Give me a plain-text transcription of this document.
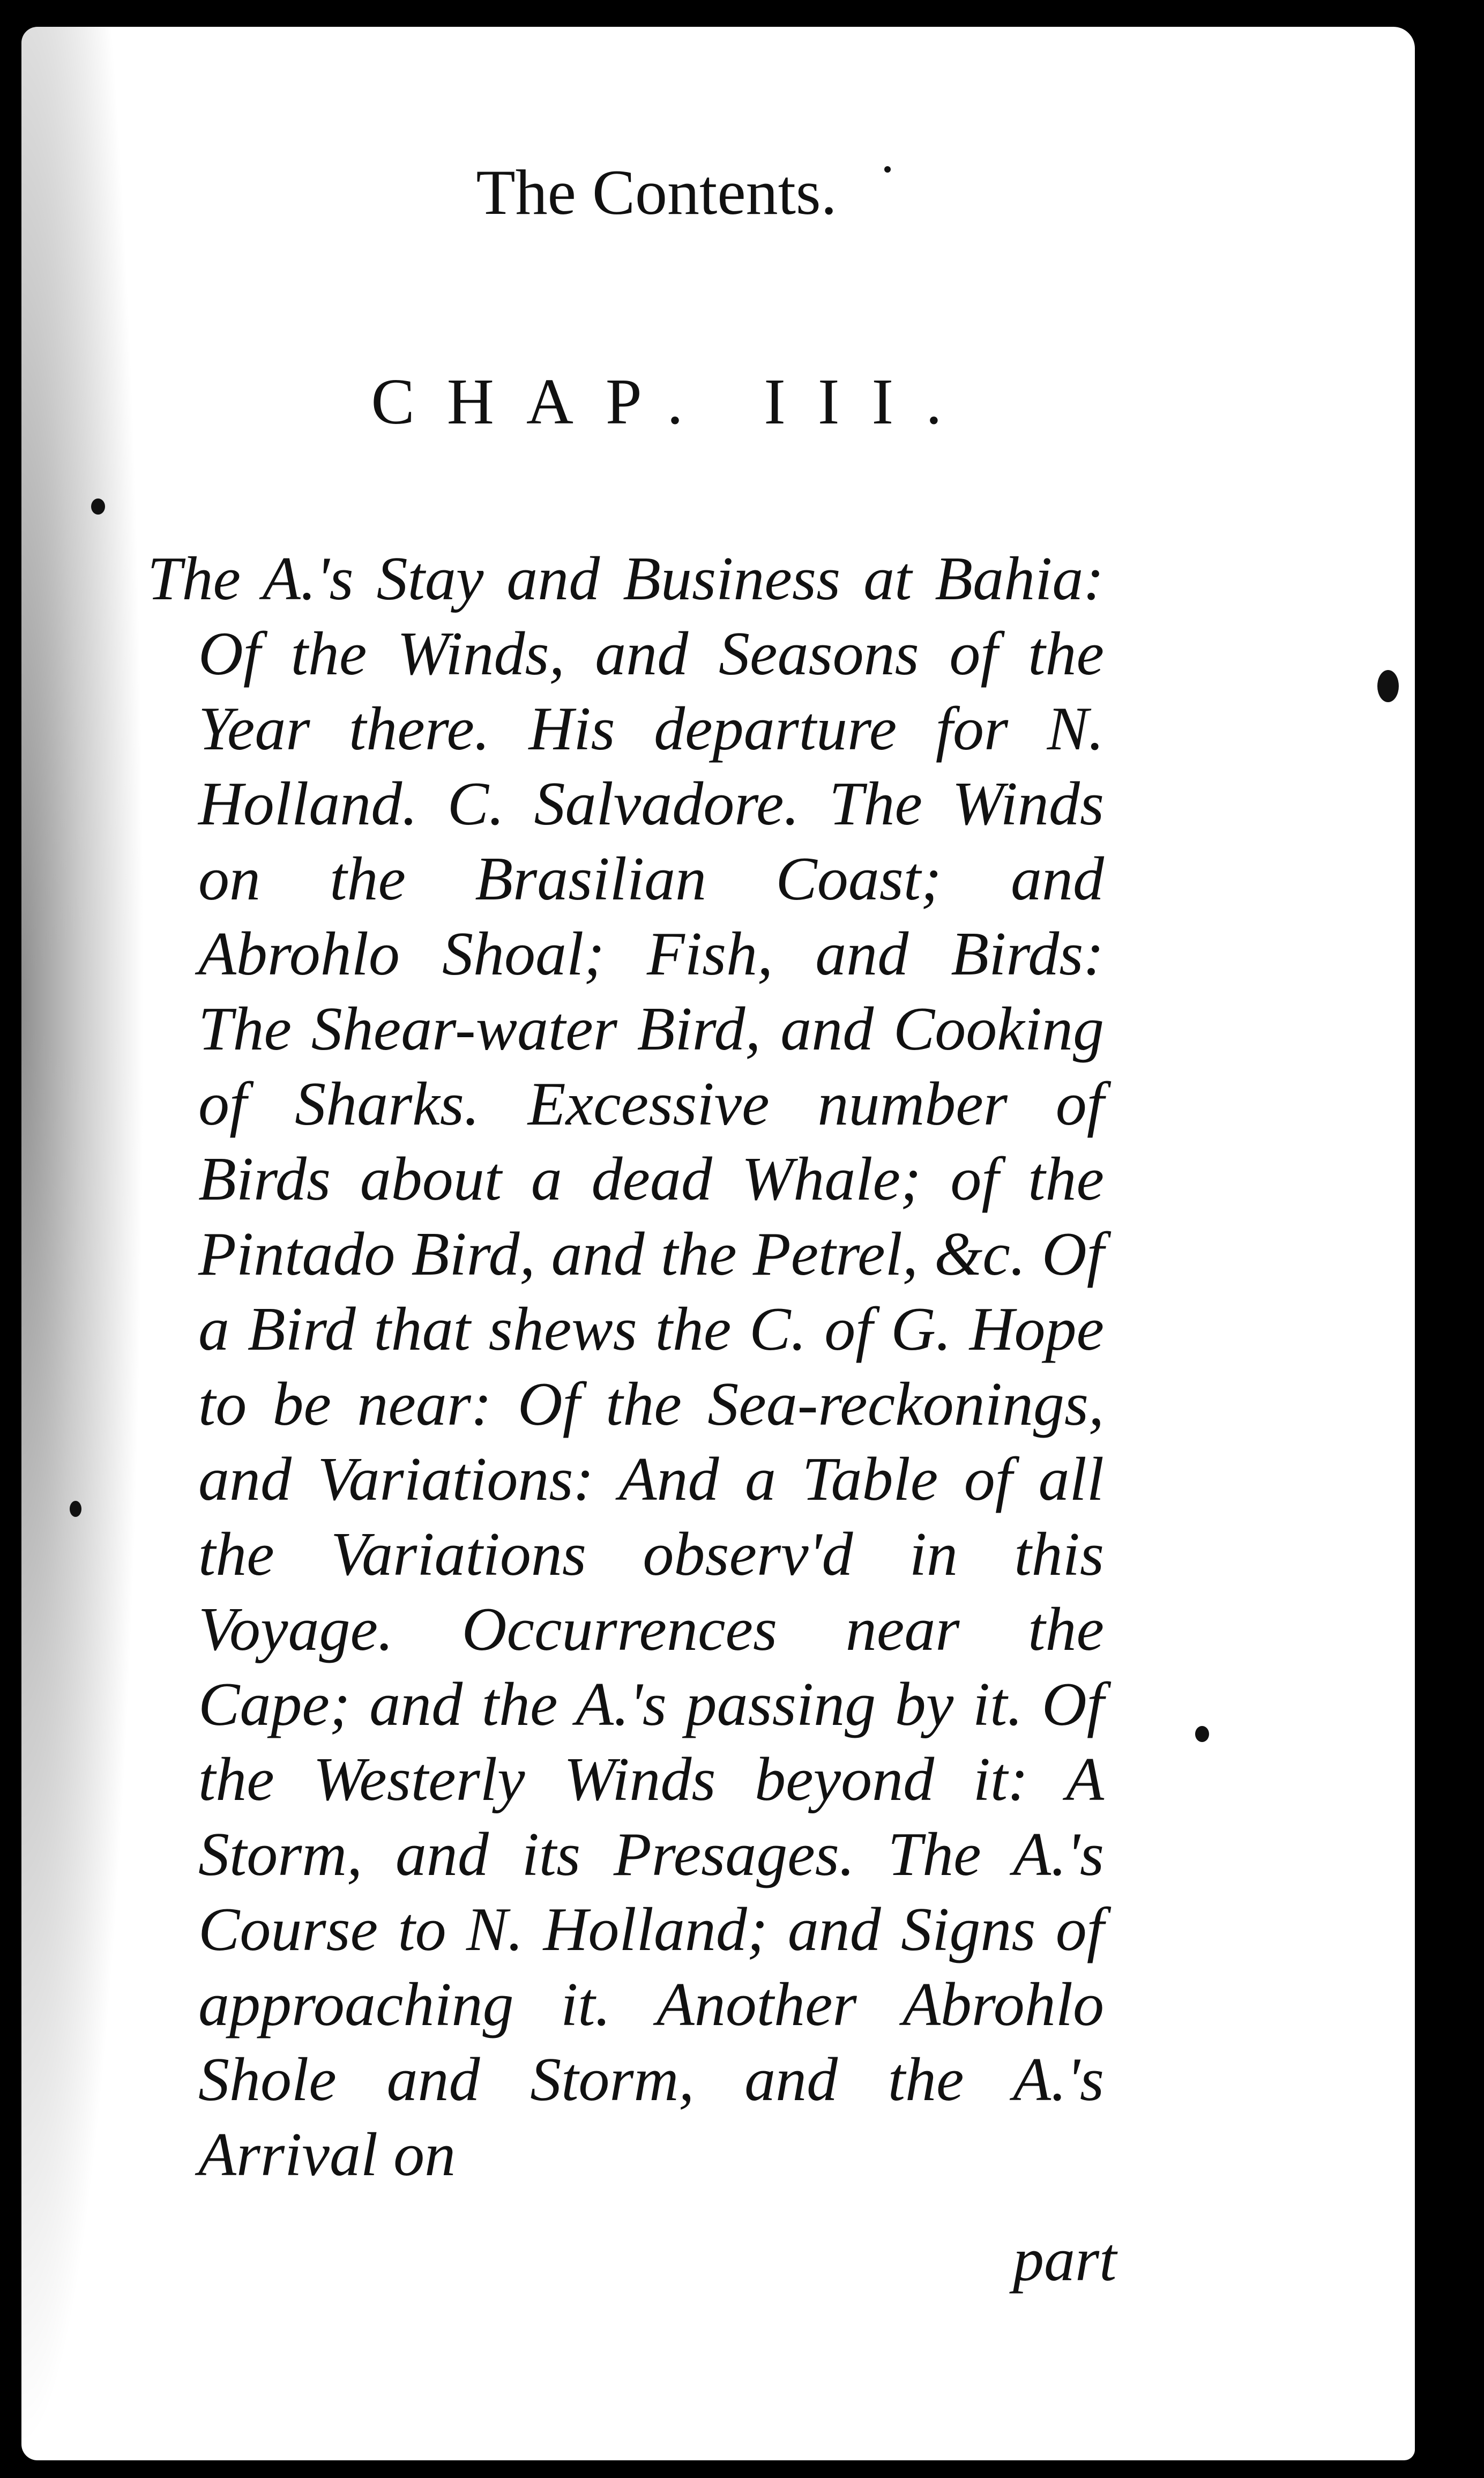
The Contents.
CHAP. III.

The A.'s Stay and Business at Bahia: Of the Winds, and Seasons of the Year there. His departure for N. Holland. C. Salvadore. The Winds on the Brasilian Coast; and Abrohlo Shoal; Fish, and Birds: The Shear-water Bird, and Cooking of Sharks. Excessive number of Birds about a dead Whale; of the Pintado Bird, and the Petrel, &c. Of a Bird that shews the C. of G. Hope to be near: Of the Sea-reckonings, and Variations: And a Table of all the Variations observ'd in this Voyage. Occurrences near the Cape; and the A.'s passing by it. Of the Westerly Winds beyond it: A Storm, and its Presages. The A.'s Course to N. Holland; and Signs of approaching it. Another Abrohlo Shole and Storm, and the A.'s Arrival on

part
